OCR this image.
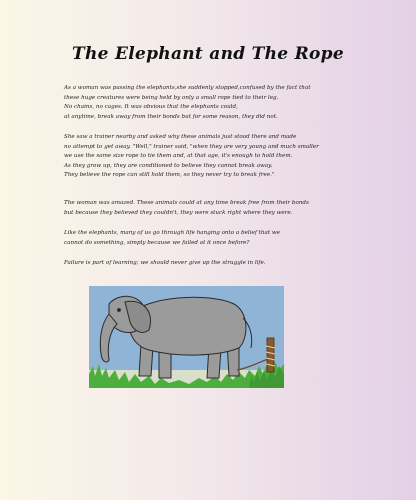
The Elephant and The Rope
As a woman was passing the elephants,she suddenly stopped,confused by the fact that
these huge creatures were being held by only a small rope tied to their leg.
No chains, no cages. It was obvious that the elephants could,
at anytime, break away from their bonds but for some reason, they did not.
She saw a trainer nearby and asked why these animals just stood there and made
no attempt to get away. "Well," trainer said, "when they are very young and much smaller
we use the same size rope to tie them and, at that age, it's enough to hold them.
As they grow up, they are conditioned to believe they cannot break away.
They believe the rope can still hold them, so they never try to break free."
The woman was amazed. These animals could at any time break free from their bonds
but because they believed they couldn't, they were stuck right where they were.
Like the elephants, many of us go through life hanging onto a belief that we
cannot do something, simply because we failed at it once before?
Failure is part of learning; we should never give up the struggle in life.
